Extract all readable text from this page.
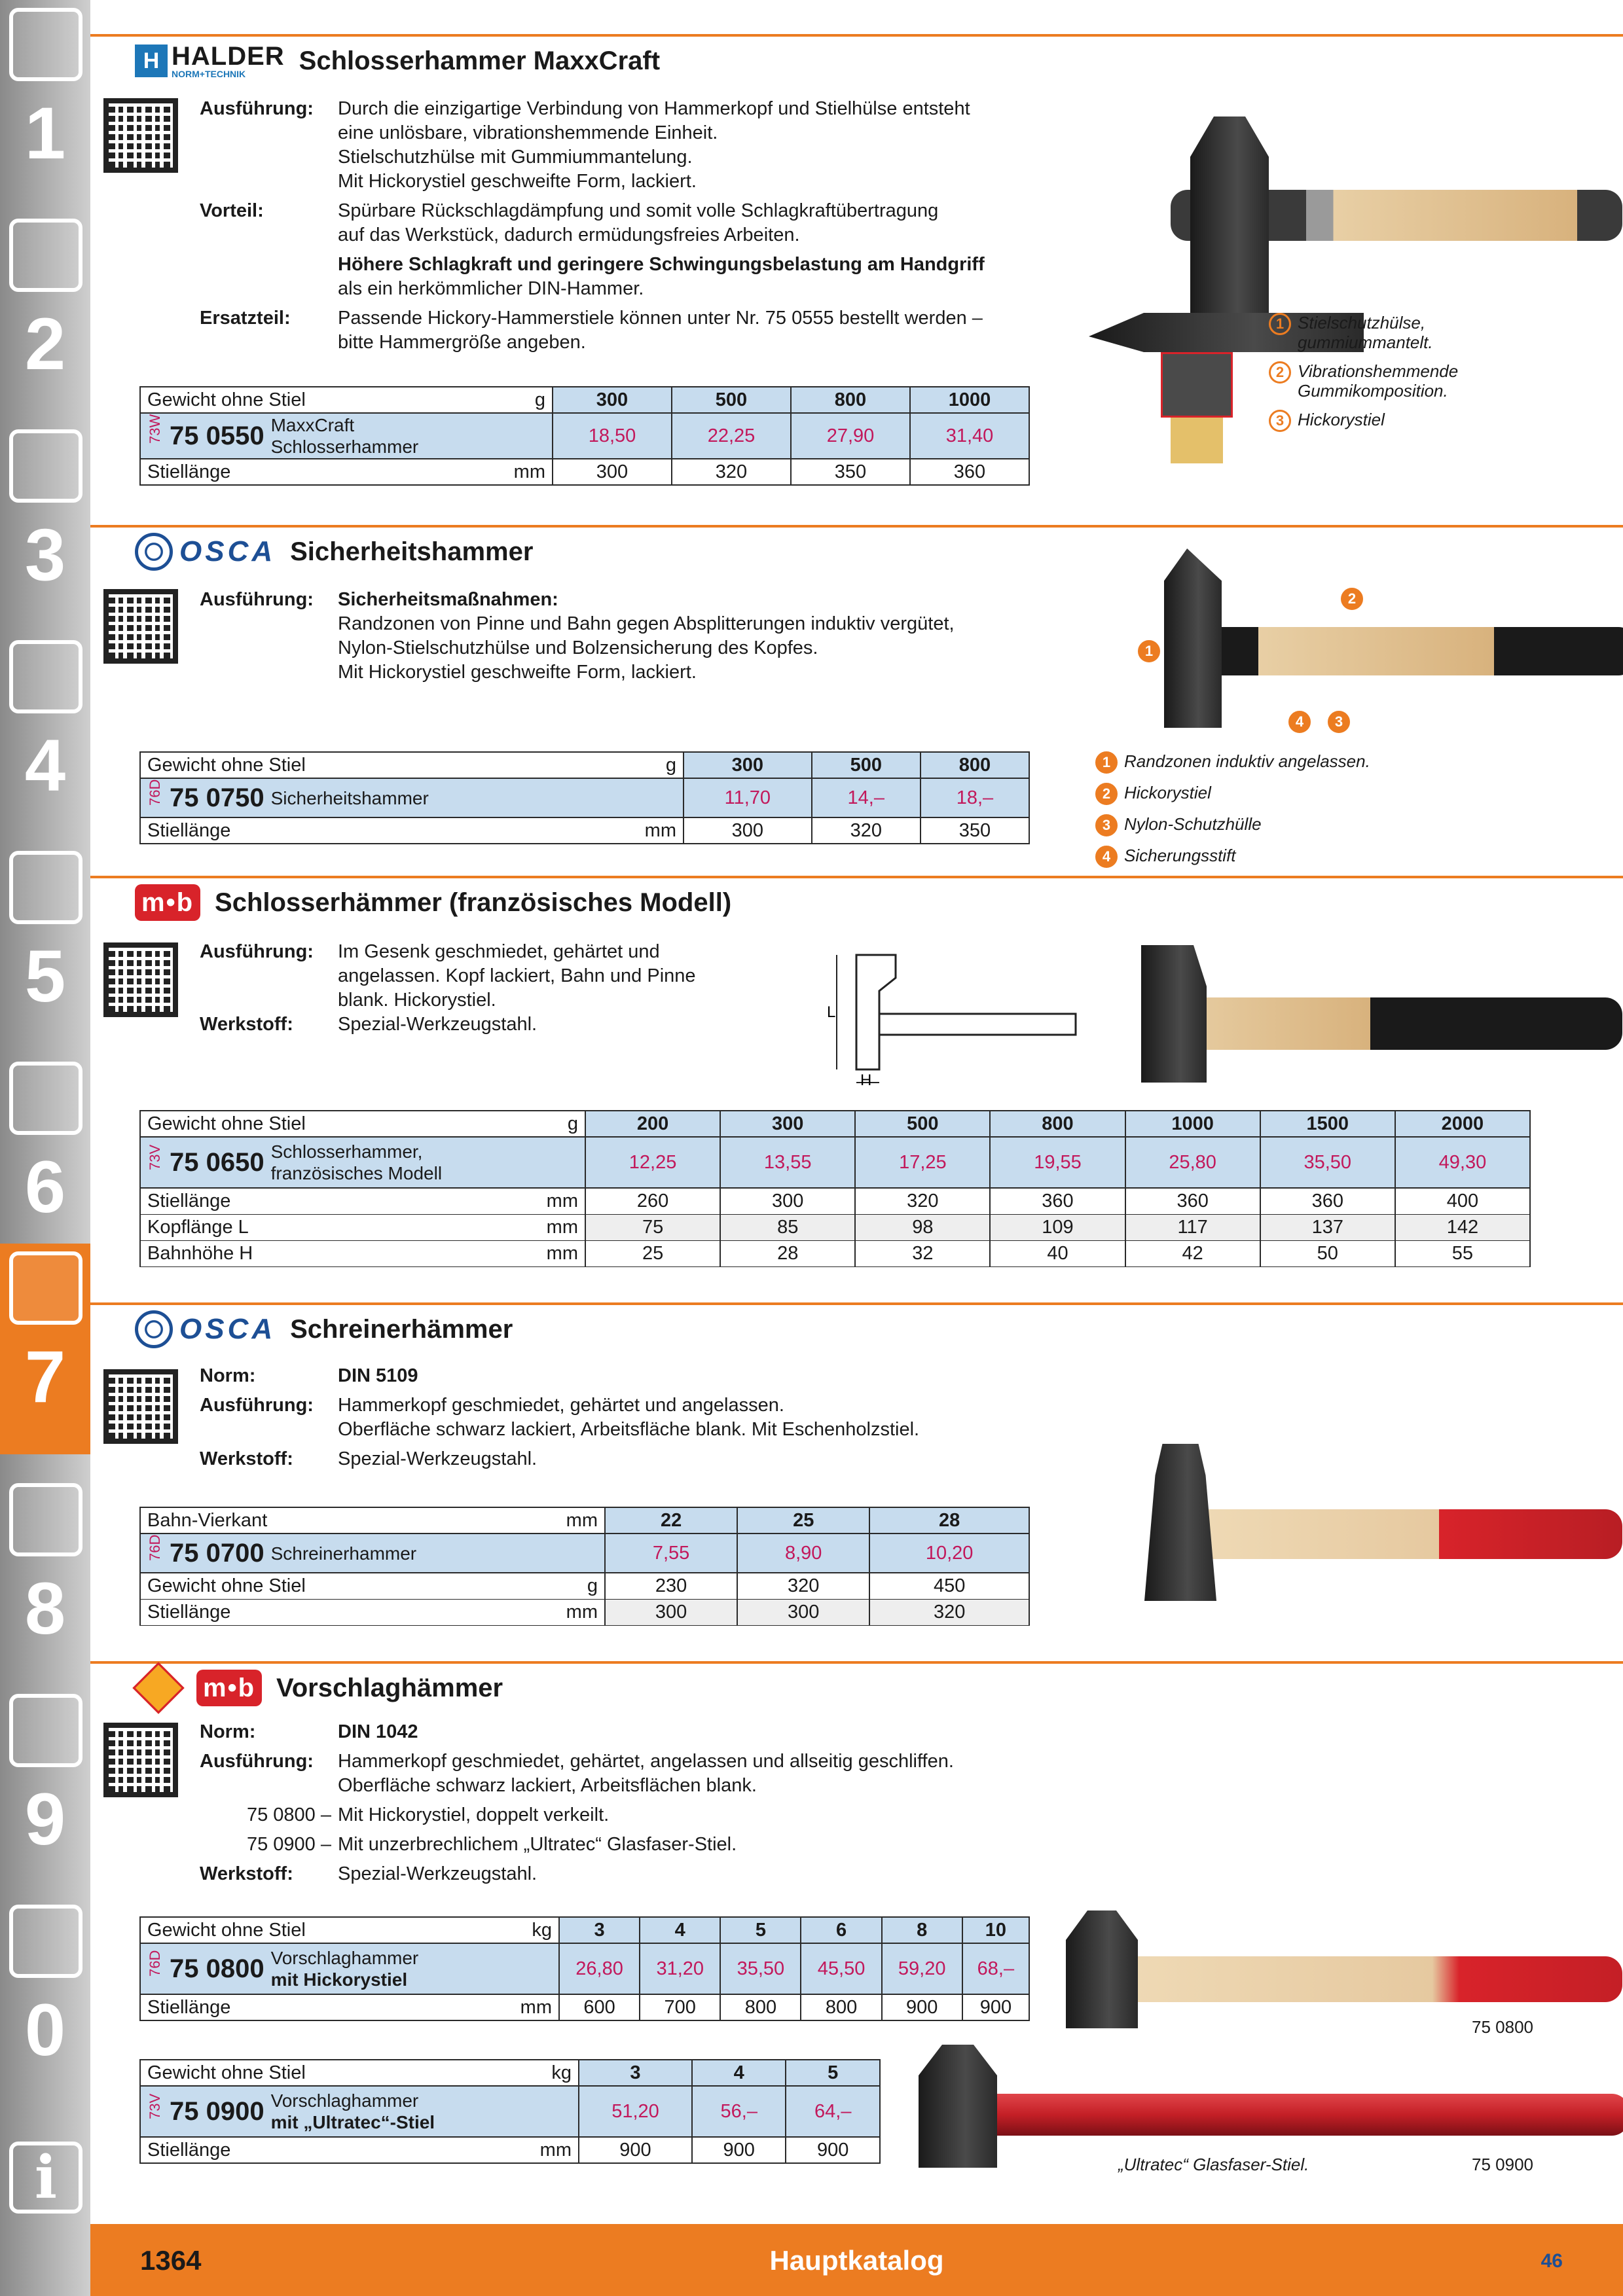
1
2
3
4
5
6
7
8
9
0
i
H HALDER
NORM+TECHNIK	Schlosserhammer MaxxCraft
Ausführung:	Durch die einzigartige Verbindung von Hammerkopf und Stielhülse entsteht
eine unlösbare, vibrationshemmende Einheit.
Stielschutzhülse mit Gummiummantelung.
Mit Hickorystiel geschweifte Form, lackiert.
Vorteil:	Spürbare Rückschlagdämpfung und somit volle Schlagkraftübertragung
auf das Werkstück, dadurch ermüdungsfreies Arbeiten.
Höhere Schlagkraft und geringere Schwingungsbelastung am Handgriff
als ein herkömmlicher DIN-Hammer.
Ersatzteil:	Passende Hickory-Hammerstiele können unter Nr. 75 0555 bestellt werden –
bitte Hammergröße angeben.
Gewicht ohne Stiel	g	300	500	800	1000

73W 75 0550 MaxxCraft
Schlosserhammer		18,50	22,25	27,90	31,40
Stiellänge	mm	300	320	350	360
1 Stielschutzhülse, gummiummantelt.
2 Vibrationshemmende Gummikomposition.
3 Hickorystiel
OSCA Sicherheitshammer
Ausführung:	Sicherheitsmaßnahmen:
Randzonen von Pinne und Bahn gegen Absplitterungen induktiv vergütet,
Nylon-Stielschutzhülse und Bolzensicherung des Kopfes.
Mit Hickorystiel geschweifte Form, lackiert.
Gewicht ohne Stiel	g	300	500	800

76D 75 0750 Sicherheitshammer		11,70	14,–	18,–
Stiellänge	mm	300	320	350
1
2
3
4
1 Randzonen induktiv angelassen.
2 Hickorystiel
3 Nylon-Schutzhülle
4 Sicherungsstift
m•b Schlosserhämmer (französisches Modell)
Ausführung:	Im Gesenk geschmiedet, gehärtet und
angelassen. Kopf lackiert, Bahn und Pinne
blank. Hickorystiel.
Werkstoff:	Spezial-Werkzeugstahl.
L
H
Gewicht ohne Stiel	g	200	300	500	800	1000	1500	2000

73V 75 0650 Schlosserhammer,
französisches Modell		12,25	13,55	17,25	19,55	25,80	35,50	49,30
Stiellänge	mm	260	300	320	360	360	360	400
Kopflänge L	mm	75	85	98	109	117	137	142
Bahnhöhe H	mm	25	28	32	40	42	50	55
OSCA Schreinerhämmer
Norm:	DIN 5109
Ausführung:	Hammerkopf geschmiedet, gehärtet und angelassen.
Oberfläche schwarz lackiert, Arbeitsfläche blank. Mit Eschenholzstiel.
Werkstoff:	Spezial-Werkzeugstahl.
Bahn-Vierkant	mm	22	25	28

76D 75 0700 Schreinerhammer		7,55	8,90	10,20
Gewicht ohne Stiel	g	230	320	450
Stiellänge	mm	300	300	320
m•b Vorschlaghämmer
Norm:	DIN 1042
Ausführung:	Hammerkopf geschmiedet, gehärtet, angelassen und allseitig geschliffen.
Oberfläche schwarz lackiert, Arbeitsflächen blank.
75 0800 – Mit Hickorystiel, doppelt verkeilt.
75 0900 – Mit unzerbrechlichem „Ultratec“ Glasfaser-Stiel.
Werkstoff:	Spezial-Werkzeugstahl.
Gewicht ohne Stiel	kg	3	4	5	6	8	10

76D 75 0800 Vorschlaghammer
mit Hickorystiel		26,80	31,20	35,50	45,50	59,20	68,–
Stiellänge	mm	600	700	800	800	900	900
Gewicht ohne Stiel	kg	3	4	5

73V 75 0900 Vorschlaghammer
mit „Ultratec“-Stiel		51,20	56,–	64,–
Stiellänge	mm	900	900	900
75 0800
„Ultratec“ Glasfaser-Stiel.	75 0900
1364	Hauptkatalog	46
